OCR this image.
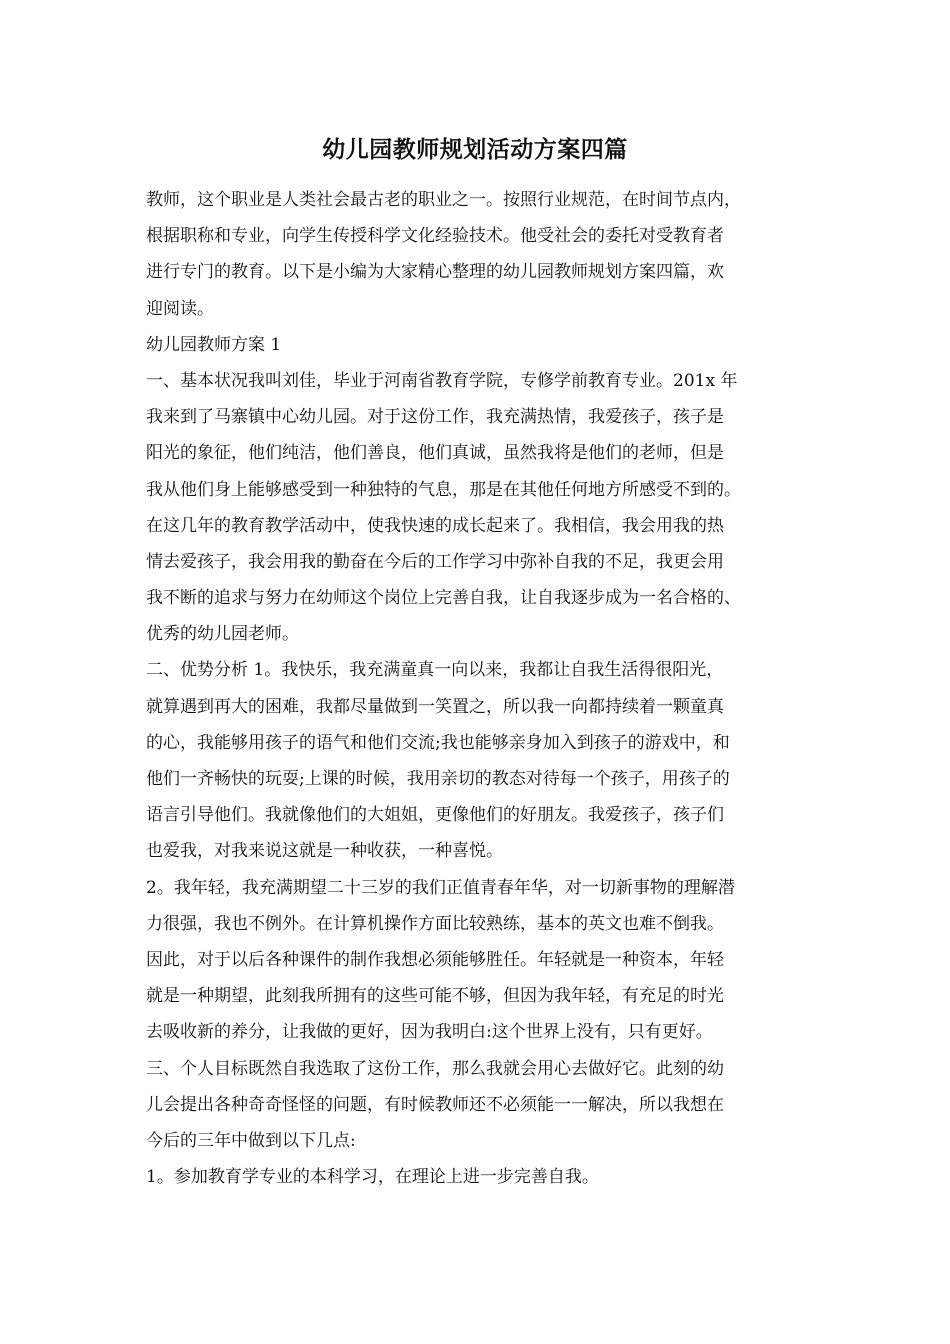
幼儿园教师规划活动方案四篇
教师，这个职业是人类社会最古老的职业之一。按照行业规范，在时间节点内，
根据职称和专业，向学生传授科学文化经验技术。他受社会的委托对受教育者
进行专门的教育。以下是小编为大家精心整理的幼儿园教师规划方案四篇，欢
迎阅读。
幼儿园教师方案 1
一、基本状况我叫刘佳，毕业于河南省教育学院，专修学前教育专业。201x 年
我来到了马寨镇中心幼儿园。对于这份工作，我充满热情，我爱孩子，孩子是
阳光的象征，他们纯洁，他们善良，他们真诚，虽然我将是他们的老师，但是
我从他们身上能够感受到一种独特的气息，那是在其他任何地方所感受不到的。
在这几年的教育教学活动中，使我快速的成长起来了。我相信，我会用我的热
情去爱孩子，我会用我的勤奋在今后的工作学习中弥补自我的不足，我更会用
我不断的追求与努力在幼师这个岗位上完善自我，让自我逐步成为一名合格的、
优秀的幼儿园老师。
二、优势分析 1。我快乐，我充满童真一向以来，我都让自我生活得很阳光，
就算遇到再大的困难，我都尽量做到一笑置之，所以我一向都持续着一颗童真
的心，我能够用孩子的语气和他们交流;我也能够亲身加入到孩子的游戏中，和
他们一齐畅快的玩耍;上课的时候，我用亲切的教态对待每一个孩子，用孩子的
语言引导他们。我就像他们的大姐姐，更像他们的好朋友。我爱孩子，孩子们
也爱我，对我来说这就是一种收获，一种喜悦。
2。我年轻，我充满期望二十三岁的我们正值青春年华，对一切新事物的理解潜
力很强，我也不例外。在计算机操作方面比较熟练，基本的英文也难不倒我。
因此，对于以后各种课件的制作我想必须能够胜任。年轻就是一种资本，年轻
就是一种期望，此刻我所拥有的这些可能不够，但因为我年轻，有充足的时光
去吸收新的养分，让我做的更好，因为我明白:这个世界上没有，只有更好。
三、个人目标既然自我选取了这份工作，那么我就会用心去做好它。此刻的幼
儿会提出各种奇奇怪怪的问题，有时候教师还不必须能一一解决，所以我想在
今后的三年中做到以下几点:
1。参加教育学专业的本科学习，在理论上进一步完善自我。
